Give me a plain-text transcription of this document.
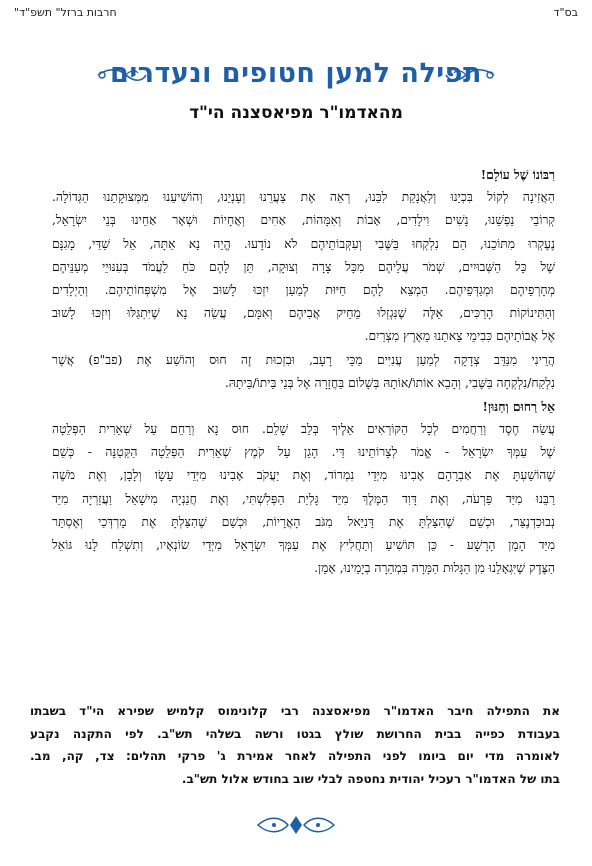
בס"ד
"חרבות ברזל" תשפ"ד
תפילה למען חטופים ונעדרים
מהאדמו"ר מפיאסצנה הי"ד
רִבּוֹנוֹ שֶׁל עוֹלָם!
הַאֲזִינָה לְקוֹל בִּכְיֵנוּ וְלַאֲנָקַת לִבֵּנוּ, רְאֵה אֶת צַעֲרֵנוּ וְעָנְיֵנוּ, וְהוֹשִׁיעֵנוּ מִמְּצוּקָתֵנוּ הַגְּדוֹלָה.
קְרוֹבֵי נַפְשֵׁנוּ, נָשִׁים וִילָדִים, אָבוֹת וְאִמָּהוֹת, אַחִים וְאֲחָיוֹת וּשְׁאָר אַחֵינוּ בְּנֵי יִשְׂרָאֵל,
נֶעֶקְרוּ מִתּוֹכֵנוּ, הֵם נִלְקְחוּ בַּשֶּׁבִי וְעִקְּבוֹתֵיהֶם לֹא נוֹדָעוּ. הֱיֵה נָא אַתָּה, אֵל שַׁדַּי, מָגִנָּם
שֶׁל כָּל הַשְּׁבוּיִים, שְׁמֹר עֲלֵיהֶם מִכָּל צָרָה וְצוּקָה, תֵּן לָהֶם כֹּחַ לַעֲמֹד בְּעִנּוּיֵי מְעַנֵּיהֶם
מְחָרְפֵיהֶם וּמְגַדְּפֵיהֶם. הַמְצֵא לָהֶם חַיּוּת לְמַעַן יִזְכּוּ לָשׁוּב אֶל מִשְׁפְּחוֹתֵיהֶם. וְהַיְלָדִים
וְהַתִּינוֹקוֹת הָרַכִּים, אֵלֶּה שֶׁנִּגְזְלוּ מֵחֵיק אֲבִיהֶם וְאִמָּם, עֲשֵׂה נָא שֶׁיִּתְגַּלּוּ וְיִזְכּוּ לָשׁוּב
אֶל אֲבוֹתֵיהֶם כִּבִימֵי צֵאתֵנוּ מֵאֶרֶץ מִצְרַיִם.
הֲרֵינִי מִנַּדֵּב צְדָקָה לְמַעַן עֲנִיִּים מַכֵּי רָעָב, וּבִזְכוּת זֶה חוּס וְהוֹשַׁע אֶת (פב"פ) אֲשֶׁר
נִלְקַח/נִלְקְחָה בַּשֶּׁבִי, וְהָבֵא אוֹתוֹ/אוֹתָהּ בְּשָׁלוֹם בַּחֲזָרָה אֶל בְּנֵי בֵּיתוֹ/בֵּיתָהּ.
אֵל רַחוּם וְחַנּוּן!
עֲשֵׂה חֶסֶד וְרַחֲמִים לְכָל הַקּוֹרְאִים אֵלֶיךָ בְּלֵב שָׁלֵם. חוּס נָא וְרַחֵם עַל שְׁאֵרִית הַפְּלֵטָה
שֶׁל עַמְּךָ יִשְׂרָאֵל - אֱמֹר לְצָרוֹתֵינוּ דַּי. הָגֵן עַל קֹמֶץ שְׁאֵרִית הַפְּלֵטָה הַקְּטַנָּה - כְּשֵׁם
שֶׁהוֹשַׁעְתָּ אֶת אַבְרָהָם אָבִינוּ מִיְּדֵי נִמְרוֹד, וְאֶת יַעֲקֹב אָבִינוּ מִיְּדֵי עֵשָׂו וְלָבָן, וְאֶת מֹשֶׁה
רַבֵּנוּ מִיַּד פַּרְעֹה, וְאֶת דָּוִד הַמֶּלֶךְ מִיַּד גָּלְיַת הַפְּלִשְׁתִּי, וְאֶת חֲנַנְיָה מִישָׁאֵל וַעֲזַרְיָה מִיַּד
נְבוּכַדְנֶצַּר, וּכְשֵׁם שֶׁהִצַּלְתָּ אֶת דָּנִיֵּאל מִגֹּב הָאֲרָיוֹת, וּכְשֵׁם שֶׁהִצַּלְתָּ אֶת מָרְדְּכַי וְאֶסְתֵּר
מִיַּד הָמָן הָרָשָׁע - כֵּן תּוֹשִׁיעַ וְתַחֲלִיץ אֶת עַמְּךָ יִשְׂרָאֵל מִיְּדֵי שׂוֹנְאָיו, וְתִשְׁלַח לָנוּ גּוֹאֵל
הַצֶּדֶק שֶׁיִּגְאָלֵנוּ מִן הַגָּלוּת הַמָּרָה בִּמְהֵרָה בְיָמֵינוּ, אָמֵן.
את התפילה חיבר האדמו"ר מפיאסצנה רבי קלונימוס קלמיש שפירא הי"ד בשבתו
בעבודת כפייה בבית החרושת שולץ בגטו ורשה בשלהי תש"ב. לפי התקנה נקבע
לאומרה מדי יום ביומו לפני התפילה לאחר אמירת ג' פרקי תהלים: צד, קה, מב.
בתו של האדמו"ר רעכיל יהודית נחטפה לבלי שוב בחודש אלול תש"ב.
